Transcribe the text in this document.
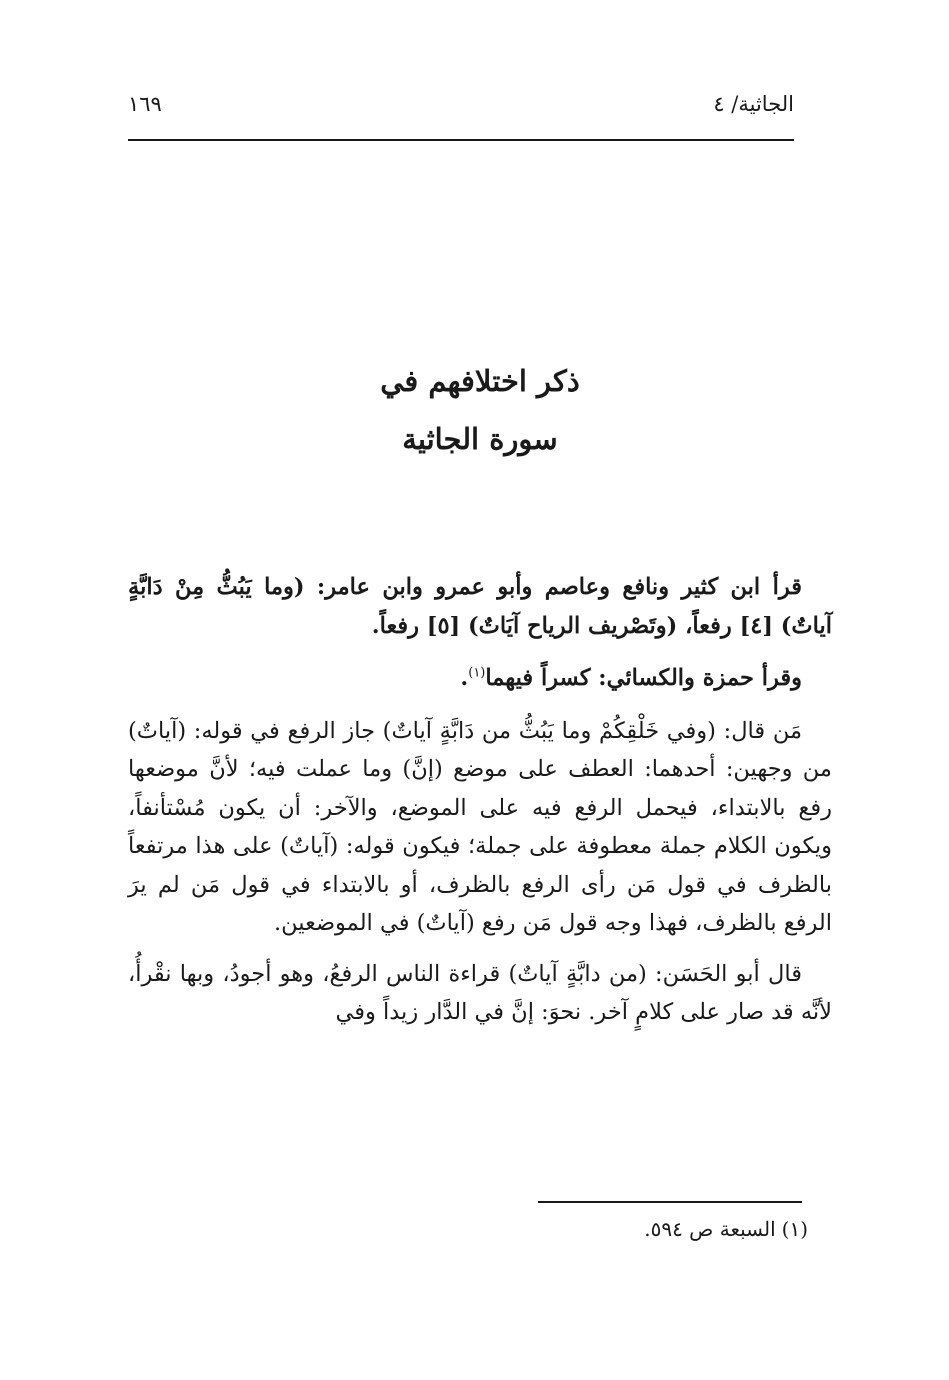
الجاثية/ ٤
١٦٩
ذكر اختلافهم في
سورة الجاثية

قرأ ابن كثير ونافع وعاصم وأبو عمرو وابن عامر: (وما يَبُثُّ مِنْ دَابَّةٍ آياتٌ) [٤] رفعاً، (وتَصْريف الرياح آيَاتٌ) [٥] رفعاً.

وقرأ حمزة والكسائي: كسراً فيهما$^{(١)}$.

مَن قال: (وفي خَلْقِكُمْ وما يَبُثُّ من دَابَّةٍ آياتٌ) جاز الرفع في قوله: (آياتٌ) من وجهين: أحدهما: العطف على موضع (إنَّ) وما عملت فيه؛ لأنَّ موضعها رفع بالابتداء، فيحمل الرفع فيه على الموضع، والآخر: أن يكون مُسْتأنفاً، ويكون الكلام جملة معطوفة على جملة؛ فيكون قوله: (آياتٌ) على هذا مرتفعاً بالظرف في قول مَن رأى الرفع بالظرف، أو بالابتداء في قول مَن لم يرَ الرفع بالظرف، فهذا وجه قول مَن رفع (آياتٌ) في الموضعين.

قال أبو الحَسَن: (من دابَّةٍ آياتٌ) قراءة الناس الرفعُ، وهو أجودُ، وبها نقْرأُ، لأنَّه قد صار على كلامٍ آخر. نحوَ: إنَّ في الدَّار زيداً وفي

(١)السبعة ص ٥٩٤.
